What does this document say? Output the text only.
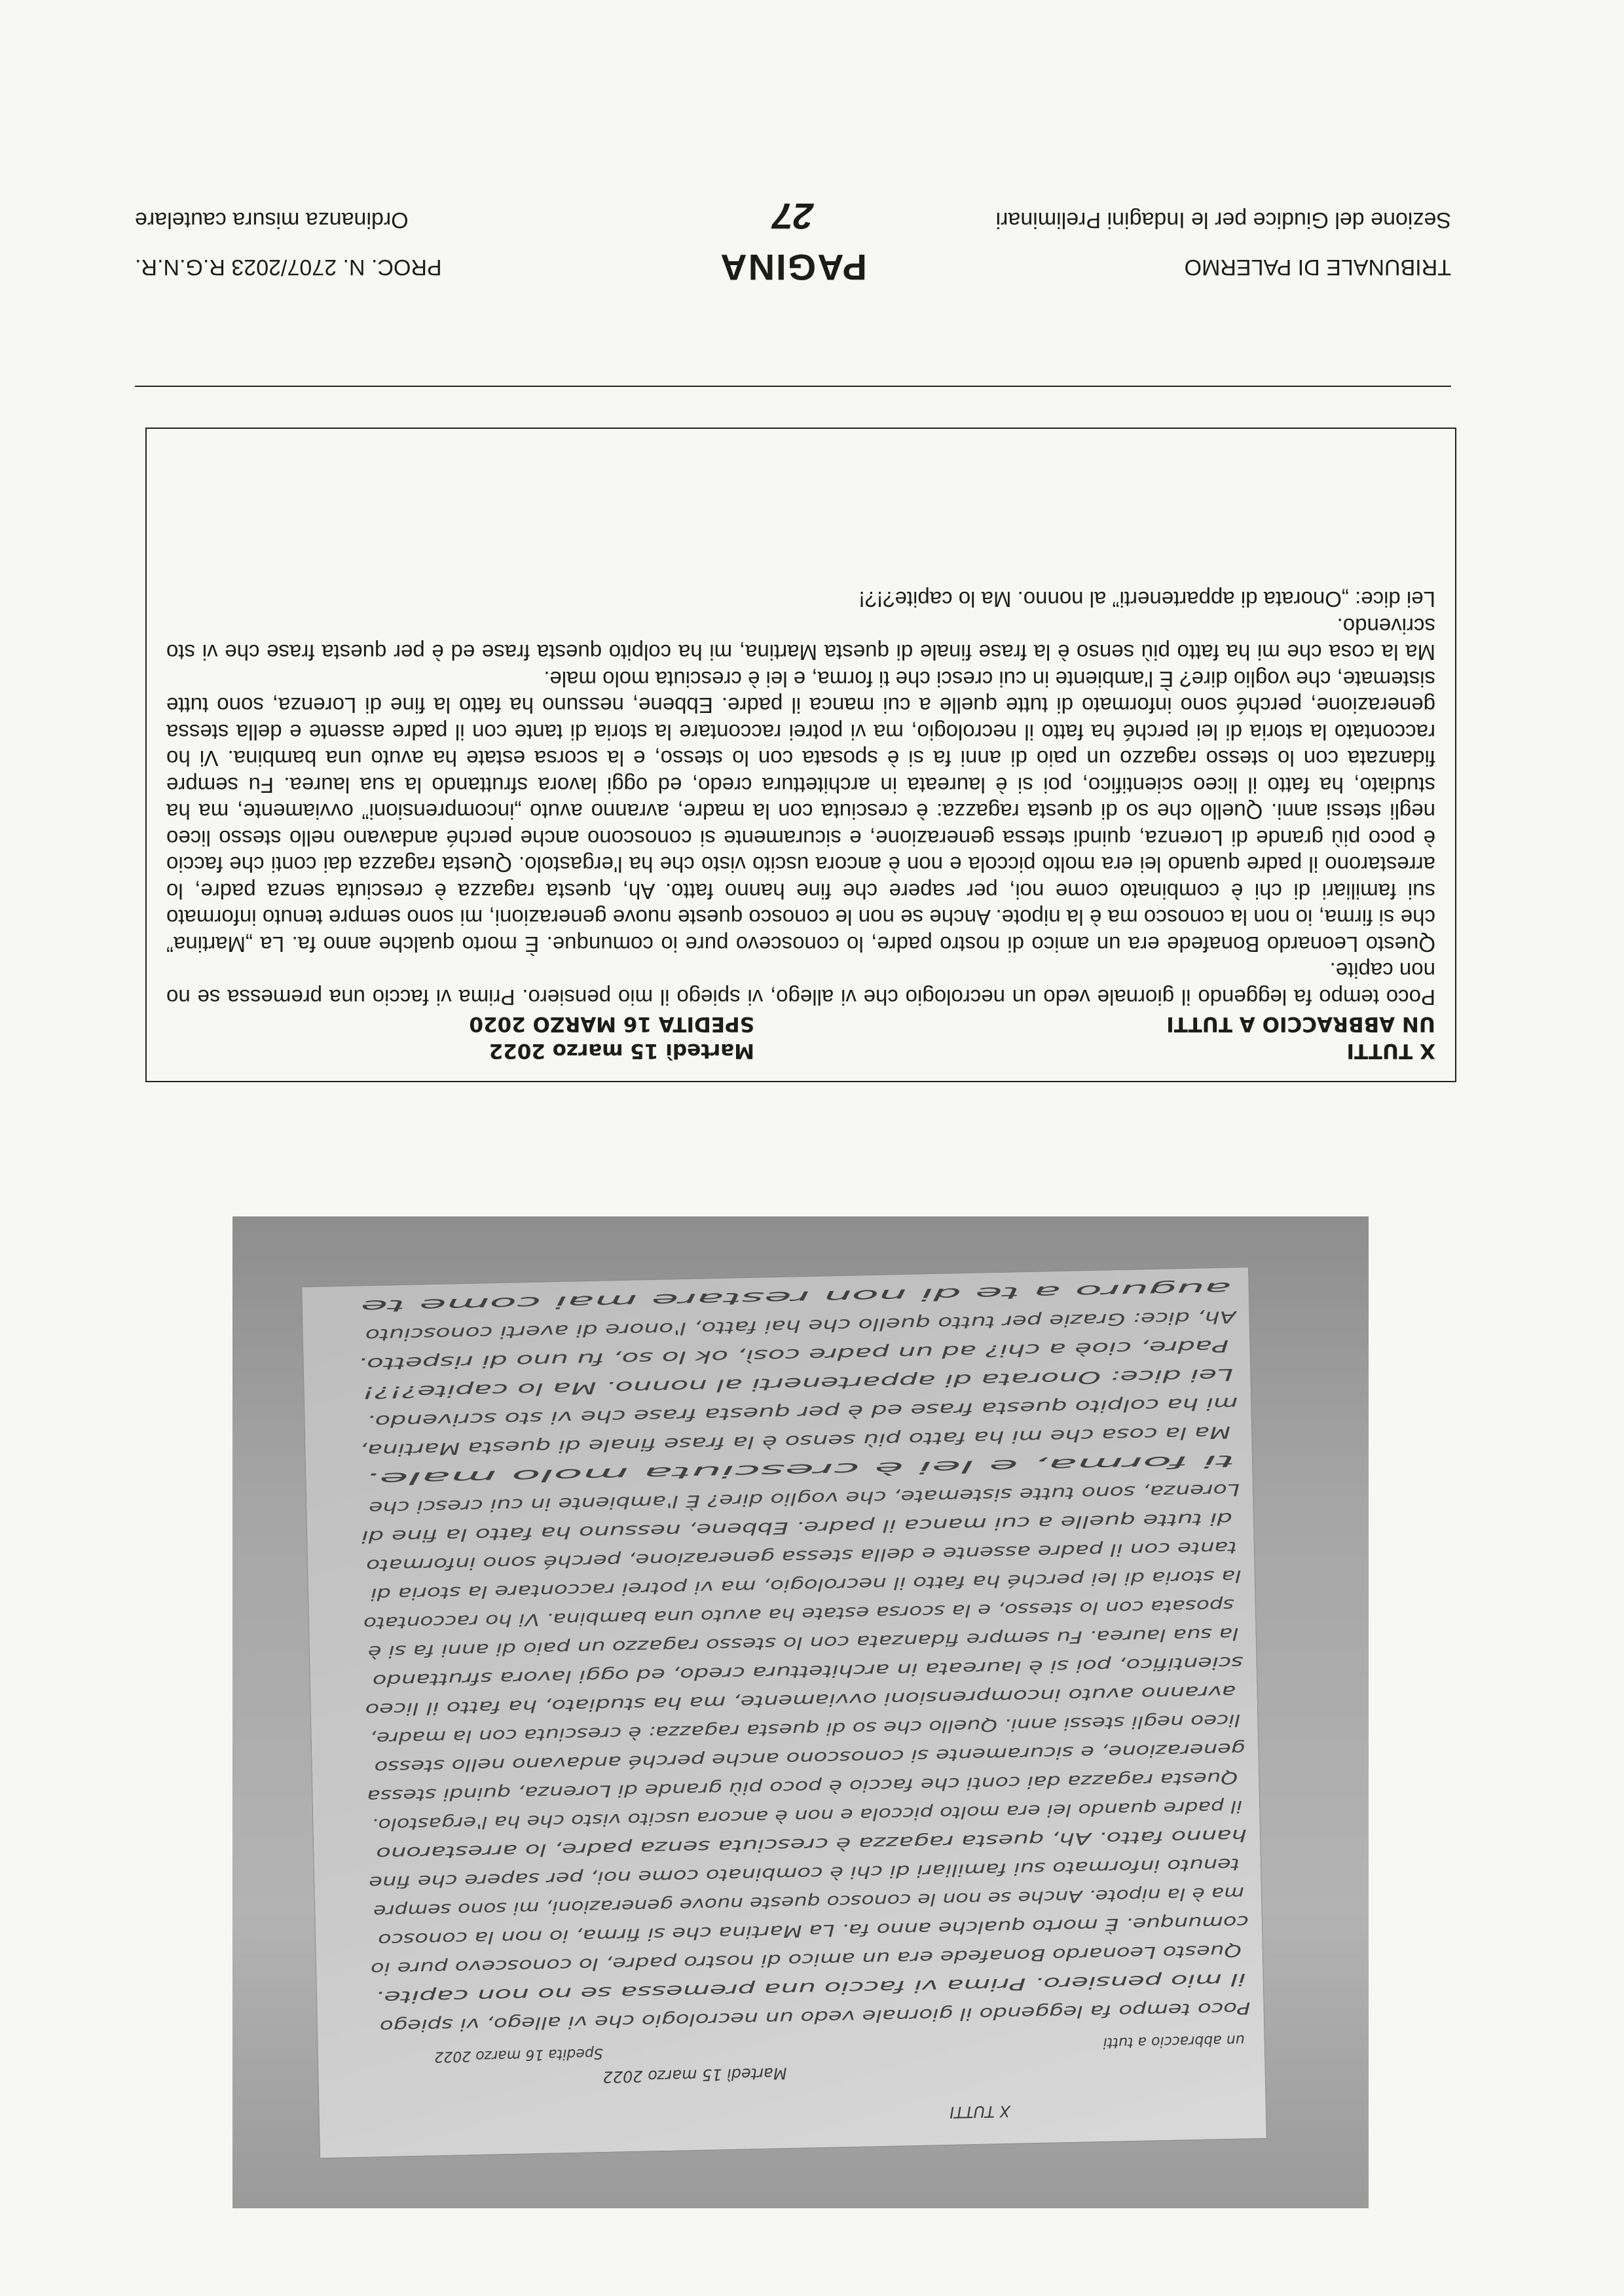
TRIBUNALE DI PALERMO
PAGINA
PROC. N. 2707/2023 R.G.N.R.
Sezione del Giudice per le Indagini Preliminari
27
Ordinanza misura cautelare
X TUTTI
Martedì 15 marzo 2022
UN ABBRACCIO A TUTTI
SPEDITA 16 MARZO 2020

Poco tempo fa leggendo il giornale vedo un necrologio che vi allego, vi spiego il mio pensiero. Prima vi faccio una premessa se no non capite.

Questo Leonardo Bonafede era un amico di nostro padre, lo conoscevo pure io comunque. È morto qualche anno fa. La „Martina” che si firma, io non la conosco ma è la nipote. Anche se non le conosco queste nuove generazioni, mi sono sempre tenuto informato sui familiari di chi è combinato come noi, per sapere che fine hanno fatto. Ah, questa ragazza è cresciuta senza padre, lo arrestarono il padre quando lei era molto piccola e non è ancora uscito visto che ha l'ergastolo. Questa ragazza dai conti che faccio è poco più grande di Lorenza, quindi stessa generazione, e sicuramente si conoscono anche perché andavano nello stesso liceo negli stessi anni. Quello che so di questa ragazza: è cresciuta con la madre, avranno avuto „incomprensioni” ovviamente, ma ha studiato, ha fatto il liceo scientifico, poi si è laureata in architettura credo, ed oggi lavora sfruttando la sua laurea. Fu sempre fidanzata con lo stesso ragazzo un paio di anni fa si è sposata con lo stesso, e la scorsa estate ha avuto una bambina. Vi ho raccontato la storia di lei perché ha fatto il necrologio, ma vi potrei raccontare la storia di tante con il padre assente e della stessa generazione, perché sono informato di tutte quelle a cui manca il padre. Ebbene, nessuno ha fatto la fine di Lorenza, sono tutte sistemate, che voglio dire? È l'ambiente in cui cresci che ti forma, e lei è cresciuta molo male.

Ma la cosa che mi ha fatto più senso è la frase finale di questa Martina, mi ha colpito questa frase ed è per questa frase che vi sto scrivendo.

Lei dice: „Onorata di appartenerti” al nonno. Ma lo capite?!?!

X TUTTI
Martedì 15 marzo 2022
Spedita 16 marzo 2022
un abbraccio a tutti
Poco tempo fa leggendo il giornale vedo un necrologio che vi allego, vi spiego
il mio pensiero. Prima vi faccio una premessa se no non capite.
Questo Leonardo Bonafede era un amico di nostro padre, lo conoscevo pure io
comunque. È morto qualche anno fa. La Martina che si firma, io non la conosco
ma è la nipote. Anche se non le conosco queste nuove generazioni, mi sono sempre
tenuto informato sui familiari di chi è combinato come noi, per sapere che fine
hanno fatto. Ah, questa ragazza è cresciuta senza padre, lo arrestarono
il padre quando lei era molto piccola e non è ancora uscito visto che ha l'ergastolo.
Questa ragazza dai conti che faccio è poco più grande di Lorenza, quindi stessa
generazione, e sicuramente si conoscono anche perché andavano nello stesso
liceo negli stessi anni. Quello che so di questa ragazza: è cresciuta con la madre,
avranno avuto incomprensioni ovviamente, ma ha studiato, ha fatto il liceo
scientifico, poi si è laureata in architettura credo, ed oggi lavora sfruttando
la sua laurea. Fu sempre fidanzata con lo stesso ragazzo un paio di anni fa si è
sposata con lo stesso, e la scorsa estate ha avuto una bambina. Vi ho raccontato
la storia di lei perché ha fatto il necrologio, ma vi potrei raccontare la storia di
tante con il padre assente e della stessa generazione, perché sono informato
di tutte quelle a cui manca il padre. Ebbene, nessuno ha fatto la fine di
Lorenza, sono tutte sistemate, che voglio dire? È l'ambiente in cui cresci che
ti forma, e lei è cresciuta molo male.
Ma la cosa che mi ha fatto più senso è la frase finale di questa Martina,
mi ha colpito questa frase ed è per questa frase che vi sto scrivendo.
Lei dice: Onorata di appartenerti al nonno. Ma lo capite?!?!
Padre, cioè a chi? ad un padre così, ok lo so, fu uno di rispetto.
Ah, dice: Grazie per tutto quello che hai fatto, l'onore di averti conosciuto
auguro a te di non restare mai come te
